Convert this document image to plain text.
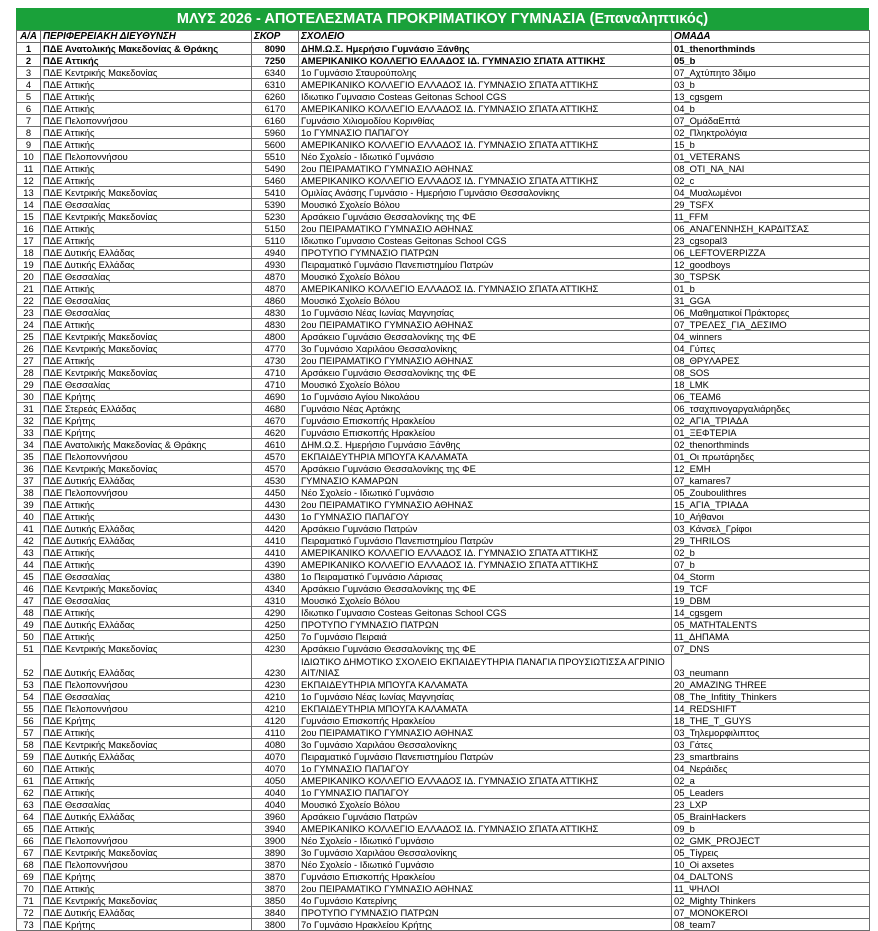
ΜΛΥΣ 2026 - ΑΠΟΤΕΛΕΣΜΑΤΑ ΠΡΟΚΡΙΜΑΤΙΚΟΥ ΓΥΜΝΑΣΙΑ (Επαναληπτικός)
Α/Α	ΠΕΡΙΦΕΡΕΙΑΚΗ ΔΙΕΥΘΥΝΣΗ	ΣΚΟΡ	ΣΧΟΛΕΙΟ	ΟΜΑΔΑ
1	ΠΔΕ Ανατολικής Μακεδονίας & Θράκης	8090	ΔΗΜ.Ω.Σ. Ημερήσιο Γυμνάσιο Ξάνθης	01_thenorthminds
2	ΠΔΕ Αττικής	7250	ΑΜΕΡΙΚΑΝΙΚΟ ΚΟΛΛΕΓΙΟ ΕΛΛΑΔΟΣ ΙΔ. ΓΥΜΝΑΣΙΟ ΣΠΑΤΑ ΑΤΤΙΚΗΣ	05_b
3	ΠΔΕ Κεντρικής Μακεδονίας	6340	1ο Γυμνάσιο Σταυρούπολης	07_Αχτύπητο 3διμο
4	ΠΔΕ Αττικής	6310	ΑΜΕΡΙΚΑΝΙΚΟ ΚΟΛΛΕΓΙΟ ΕΛΛΑΔΟΣ ΙΔ. ΓΥΜΝΑΣΙΟ ΣΠΑΤΑ ΑΤΤΙΚΗΣ	03_b
5	ΠΔΕ Αττικής	6260	Ιδιωτικο Γυμνασιο Costeas Geitonas School CGS	13_cgsgem
6	ΠΔΕ Αττικής	6170	ΑΜΕΡΙΚΑΝΙΚΟ ΚΟΛΛΕΓΙΟ ΕΛΛΑΔΟΣ ΙΔ. ΓΥΜΝΑΣΙΟ ΣΠΑΤΑ ΑΤΤΙΚΗΣ	04_b
7	ΠΔΕ Πελοποννήσου	6160	Γυμνάσιο Χιλιομοδίου Κορινθίας	07_ΟμάδαΕπτά
8	ΠΔΕ Αττικής	5960	1ο ΓΥΜΝΑΣΙΟ ΠΑΠΑΓΟΥ	02_Πληκτρολόγια
9	ΠΔΕ Αττικής	5600	ΑΜΕΡΙΚΑΝΙΚΟ ΚΟΛΛΕΓΙΟ ΕΛΛΑΔΟΣ ΙΔ. ΓΥΜΝΑΣΙΟ ΣΠΑΤΑ ΑΤΤΙΚΗΣ	15_b
10	ΠΔΕ Πελοποννήσου	5510	Νέο Σχολείο - Ιδιωτικό Γυμνάσιο	01_VETERANS
11	ΠΔΕ Αττικής	5490	2ου ΠΕΙΡΑΜΑΤΙΚΟ ΓΥΜΝΑΣΙΟ ΑΘΗΝΑΣ	08_OTI_NA_NAI
12	ΠΔΕ Αττικής	5460	ΑΜΕΡΙΚΑΝΙΚΟ ΚΟΛΛΕΓΙΟ ΕΛΛΑΔΟΣ ΙΔ. ΓΥΜΝΑΣΙΟ ΣΠΑΤΑ ΑΤΤΙΚΗΣ	02_c
13	ΠΔΕ Κεντρικής Μακεδονίας	5410	Ομιλίας Ανάσης Γυμνάσιο - Ημερήσιο Γυμνάσιο Θεσσαλονίκης	04_Μυαλωμένοι
14	ΠΔΕ Θεσσαλίας	5390	Μουσικό Σχολείο Βόλου	29_TSFX
15	ΠΔΕ Κεντρικής Μακεδονίας	5230	Αρσάκειο Γυμνάσιο Θεσσαλονίκης της ΦΕ	11_FFM
16	ΠΔΕ Αττικής	5150	2ου ΠΕΙΡΑΜΑΤΙΚΟ ΓΥΜΝΑΣΙΟ ΑΘΗΝΑΣ	06_ΑΝΑΓΕΝΝΗΣΗ_ΚΑΡΔΙΤΣΑΣ
17	ΠΔΕ Αττικής	5110	Ιδιωτικο Γυμνασιο Costeas Geitonas School CGS	23_cgsopal3
18	ΠΔΕ Δυτικής Ελλάδας	4940	ΠΡΟΤΥΠΟ ΓΥΜΝΑΣΙΟ ΠΑΤΡΩΝ	06_LEFTOVERPIZZA
19	ΠΔΕ Δυτικής Ελλάδας	4930	Πειραματικό Γυμνάσιο Πανεπιστημίου Πατρών	12_goodboys
20	ΠΔΕ Θεσσαλίας	4870	Μουσικό Σχολείο Βόλου	30_TSPSK
21	ΠΔΕ Αττικής	4870	ΑΜΕΡΙΚΑΝΙΚΟ ΚΟΛΛΕΓΙΟ ΕΛΛΑΔΟΣ ΙΔ. ΓΥΜΝΑΣΙΟ ΣΠΑΤΑ ΑΤΤΙΚΗΣ	01_b
22	ΠΔΕ Θεσσαλίας	4860	Μουσικό Σχολείο Βόλου	31_GGA
23	ΠΔΕ Θεσσαλίας	4830	1ο Γυμνάσιο Νέας Ιωνίας Μαγνησίας	06_Μαθηματικοί Πράκτορες
24	ΠΔΕ Αττικής	4830	2ου ΠΕΙΡΑΜΑΤΙΚΟ ΓΥΜΝΑΣΙΟ ΑΘΗΝΑΣ	07_ΤΡΕΛΕΣ_ΓΙΑ_ΔΕΣΙΜΟ
25	ΠΔΕ Κεντρικής Μακεδονίας	4800	Αρσάκειο Γυμνάσιο Θεσσαλονίκης της ΦΕ	04_winners
26	ΠΔΕ Κεντρικής Μακεδονίας	4770	3ο Γυμνάσιο Χαριλάου Θεσσαλονίκης	04_Γύπες
27	ΠΔΕ Αττικής	4730	2ου ΠΕΙΡΑΜΑΤΙΚΟ ΓΥΜΝΑΣΙΟ ΑΘΗΝΑΣ	08_ΘΡΥΛΑΡΕΣ
28	ΠΔΕ Κεντρικής Μακεδονίας	4710	Αρσάκειο Γυμνάσιο Θεσσαλονίκης της ΦΕ	08_SOS
29	ΠΔΕ Θεσσαλίας	4710	Μουσικό Σχολείο Βόλου	18_LMK
30	ΠΔΕ Κρήτης	4690	1ο Γυμνάσιο Αγίου Νικολάου	06_TEAM6
31	ΠΔΕ Στερεάς Ελλάδας	4680	Γυμνάσιο Νέας Αρτάκης	06_τσαχπινογαργαλιάρηδες
32	ΠΔΕ Κρήτης	4670	Γυμνάσιο Επισκοπής Ηρακλείου	02_ΑΓΙΑ_ΤΡΙΑΔΑ
33	ΠΔΕ Κρήτης	4620	Γυμνάσιο Επισκοπής Ηρακλείου	01_ΞΕΦΤΕΡΙΑ
34	ΠΔΕ Ανατολικής Μακεδονίας & Θράκης	4610	ΔΗΜ.Ω.Σ. Ημερήσιο Γυμνάσιο Ξάνθης	02_thenorthminds
35	ΠΔΕ Πελοποννήσου	4570	ΕΚΠΑΙΔΕΥΤΗΡΙΑ ΜΠΟΥΓΑ ΚΑΛΑΜΑΤΑ	01_Οι πρωτάρηδες
36	ΠΔΕ Κεντρικής Μακεδονίας	4570	Αρσάκειο Γυμνάσιο Θεσσαλονίκης της ΦΕ	12_EMH
37	ΠΔΕ Δυτικής Ελλάδας	4530	ΓΥΜΝΑΣΙΟ ΚΑΜΑΡΩΝ	07_kamares7
38	ΠΔΕ Πελοποννήσου	4450	Νέο Σχολείο - Ιδιωτικό Γυμνάσιο	05_Zouboulithres
39	ΠΔΕ Αττικής	4430	2ου ΠΕΙΡΑΜΑΤΙΚΟ ΓΥΜΝΑΣΙΟ ΑΘΗΝΑΣ	15_ΑΓΙΑ_ΤΡΙΑΔΑ
40	ΠΔΕ Αττικής	4430	1ο ΓΥΜΝΑΣΙΟ ΠΑΠΑΓΟΥ	10_Αήθανοι
41	ΠΔΕ Δυτικής Ελλάδας	4420	Αρσάκειο Γυμνάσιο Πατρών	03_Κάνσελ_Γρίφοι
42	ΠΔΕ Δυτικής Ελλάδας	4410	Πειραματικό Γυμνάσιο Πανεπιστημίου Πατρών	29_THRILOS
43	ΠΔΕ Αττικής	4410	ΑΜΕΡΙΚΑΝΙΚΟ ΚΟΛΛΕΓΙΟ ΕΛΛΑΔΟΣ ΙΔ. ΓΥΜΝΑΣΙΟ ΣΠΑΤΑ ΑΤΤΙΚΗΣ	02_b
44	ΠΔΕ Αττικής	4390	ΑΜΕΡΙΚΑΝΙΚΟ ΚΟΛΛΕΓΙΟ ΕΛΛΑΔΟΣ ΙΔ. ΓΥΜΝΑΣΙΟ ΣΠΑΤΑ ΑΤΤΙΚΗΣ	07_b
45	ΠΔΕ Θεσσαλίας	4380	1ο Πειραματικό Γυμνάσιο Λάρισας	04_Storm
46	ΠΔΕ Κεντρικής Μακεδονίας	4340	Αρσάκειο Γυμνάσιο Θεσσαλονίκης της ΦΕ	19_TCF
47	ΠΔΕ Θεσσαλίας	4310	Μουσικό Σχολείο Βόλου	19_DBM
48	ΠΔΕ Αττικής	4290	Ιδιωτικο Γυμνασιο Costeas Geitonas School CGS	14_cgsgem
49	ΠΔΕ Δυτικής Ελλάδας	4250	ΠΡΟΤΥΠΟ ΓΥΜΝΑΣΙΟ ΠΑΤΡΩΝ	05_MATHTALENTS
50	ΠΔΕ Αττικής	4250	7ο Γυμνάσιο Πειραιά	11_ΔΗΠΑΜΑ
51	ΠΔΕ Κεντρικής Μακεδονίας	4230	Αρσάκειο Γυμνάσιο Θεσσαλονίκης της ΦΕ	07_DNS
52	ΠΔΕ Δυτικής Ελλάδας	4230	ΙΔΙΩΤΙΚΟ ΔΗΜΟΤΙΚΟ ΣΧΟΛΕΙΟ ΕΚΠΑΙΔΕΥΤΗΡΙΑ ΠΑΝΑΓΙΑ ΠΡΟΥΣΙΩΤΙΣΣΑ ΑΓΡΙΝΙΟ ΑΙΤ/ΝΙΑΣ	03_neumann
53	ΠΔΕ Πελοποννήσου	4230	ΕΚΠΑΙΔΕΥΤΗΡΙΑ ΜΠΟΥΓΑ ΚΑΛΑΜΑΤΑ	20_AMAZING THREE
54	ΠΔΕ Θεσσαλίας	4210	1ο Γυμνάσιο Νέας Ιωνίας Μαγνησίας	08_The_Infitity_Thinkers
55	ΠΔΕ Πελοποννήσου	4210	ΕΚΠΑΙΔΕΥΤΗΡΙΑ ΜΠΟΥΓΑ ΚΑΛΑΜΑΤΑ	14_REDSHIFT
56	ΠΔΕ Κρήτης	4120	Γυμνάσιο Επισκοπής Ηρακλείου	18_THE_T_GUYS
57	ΠΔΕ Αττικής	4110	2ου ΠΕΙΡΑΜΑΤΙΚΟ ΓΥΜΝΑΣΙΟ ΑΘΗΝΑΣ	03_Τηλεμορφιλιπτος
58	ΠΔΕ Κεντρικής Μακεδονίας	4080	3ο Γυμνάσιο Χαριλάου Θεσσαλονίκης	03_Γάτες
59	ΠΔΕ Δυτικής Ελλάδας	4070	Πειραματικό Γυμνάσιο Πανεπιστημίου Πατρών	23_smartbrains
60	ΠΔΕ Αττικής	4070	1ο ΓΥΜΝΑΣΙΟ ΠΑΠΑΓΟΥ	04_Νεράιδες
61	ΠΔΕ Αττικής	4050	ΑΜΕΡΙΚΑΝΙΚΟ ΚΟΛΛΕΓΙΟ ΕΛΛΑΔΟΣ ΙΔ. ΓΥΜΝΑΣΙΟ ΣΠΑΤΑ ΑΤΤΙΚΗΣ	02_a
62	ΠΔΕ Αττικής	4040	1ο ΓΥΜΝΑΣΙΟ ΠΑΠΑΓΟΥ	05_Leaders
63	ΠΔΕ Θεσσαλίας	4040	Μουσικό Σχολείο Βόλου	23_LXP
64	ΠΔΕ Δυτικής Ελλάδας	3960	Αρσάκειο Γυμνάσιο Πατρών	05_BrainHackers
65	ΠΔΕ Αττικής	3940	ΑΜΕΡΙΚΑΝΙΚΟ ΚΟΛΛΕΓΙΟ ΕΛΛΑΔΟΣ ΙΔ. ΓΥΜΝΑΣΙΟ ΣΠΑΤΑ ΑΤΤΙΚΗΣ	09_b
66	ΠΔΕ Πελοποννήσου	3900	Νέο Σχολείο - Ιδιωτικό Γυμνάσιο	02_GMK_PROJECT
67	ΠΔΕ Κεντρικής Μακεδονίας	3890	3ο Γυμνάσιο Χαριλάου Θεσσαλονίκης	05_Τίγρεις
68	ΠΔΕ Πελοποννήσου	3870	Νέο Σχολείο - Ιδιωτικό Γυμνάσιο	10_Oi axsetes
69	ΠΔΕ Κρήτης	3870	Γυμνάσιο Επισκοπής Ηρακλείου	04_DALTONS
70	ΠΔΕ Αττικής	3870	2ου ΠΕΙΡΑΜΑΤΙΚΟ ΓΥΜΝΑΣΙΟ ΑΘΗΝΑΣ	11_ΨΗΛΟΙ
71	ΠΔΕ Κεντρικής Μακεδονίας	3850	4ο Γυμνάσιο Κατερίνης	02_Mighty Thinkers
72	ΠΔΕ Δυτικής Ελλάδας	3840	ΠΡΟΤΥΠΟ ΓΥΜΝΑΣΙΟ ΠΑΤΡΩΝ	07_MONOKEROI
73	ΠΔΕ Κρήτης	3800	7ο Γυμνάσιο Ηρακλείου Κρήτης	08_team7
